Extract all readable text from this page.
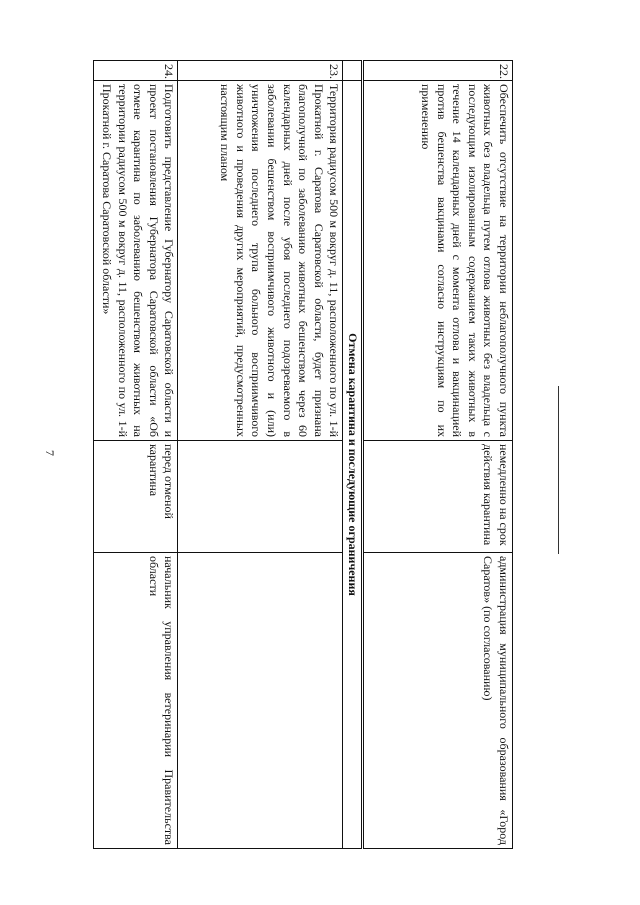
7
22.	Обеспечить отсутствие на территории неблагополучного пункта животных без владельца путем отлова животных без владельца с последующим изолированным содержанием таких животных в течение 14 календарных дней с момента отлова и вакцинацией против бешенства вакцинами согласно инструкциям по их применению	немедленно на срок действия карантина	администрация муниципального образования «Город Саратов» (по согласованию)
	Отмена карантина и последующие ограничения		
23.	Территория радиусом 500 м вокруг д. 11, расположенного по ул. 1-й Прокатной г. Саратова Саратовской области, будет признана благополучной по заболеванию животных бешенством через 60 календарных дней после убоя последнего подозреваемого в заболевании бешенством восприимчивого животного и (или) уничтожения последнего трупа больного восприимчивого животного и проведения других мероприятий, предусмотренных настоящим планом		
24.	Подготовить представление Губернатору Саратовской области и проект постановления Губернатора Саратовской области «Об отмене карантина по заболеванию бешенством животных на территории радиусом 500 м вокруг д. 11, расположенного по ул. 1-й Прокатной г. Саратова Саратовской области»	перед отменой карантина	начальник управления ветеринарии Правительства области
